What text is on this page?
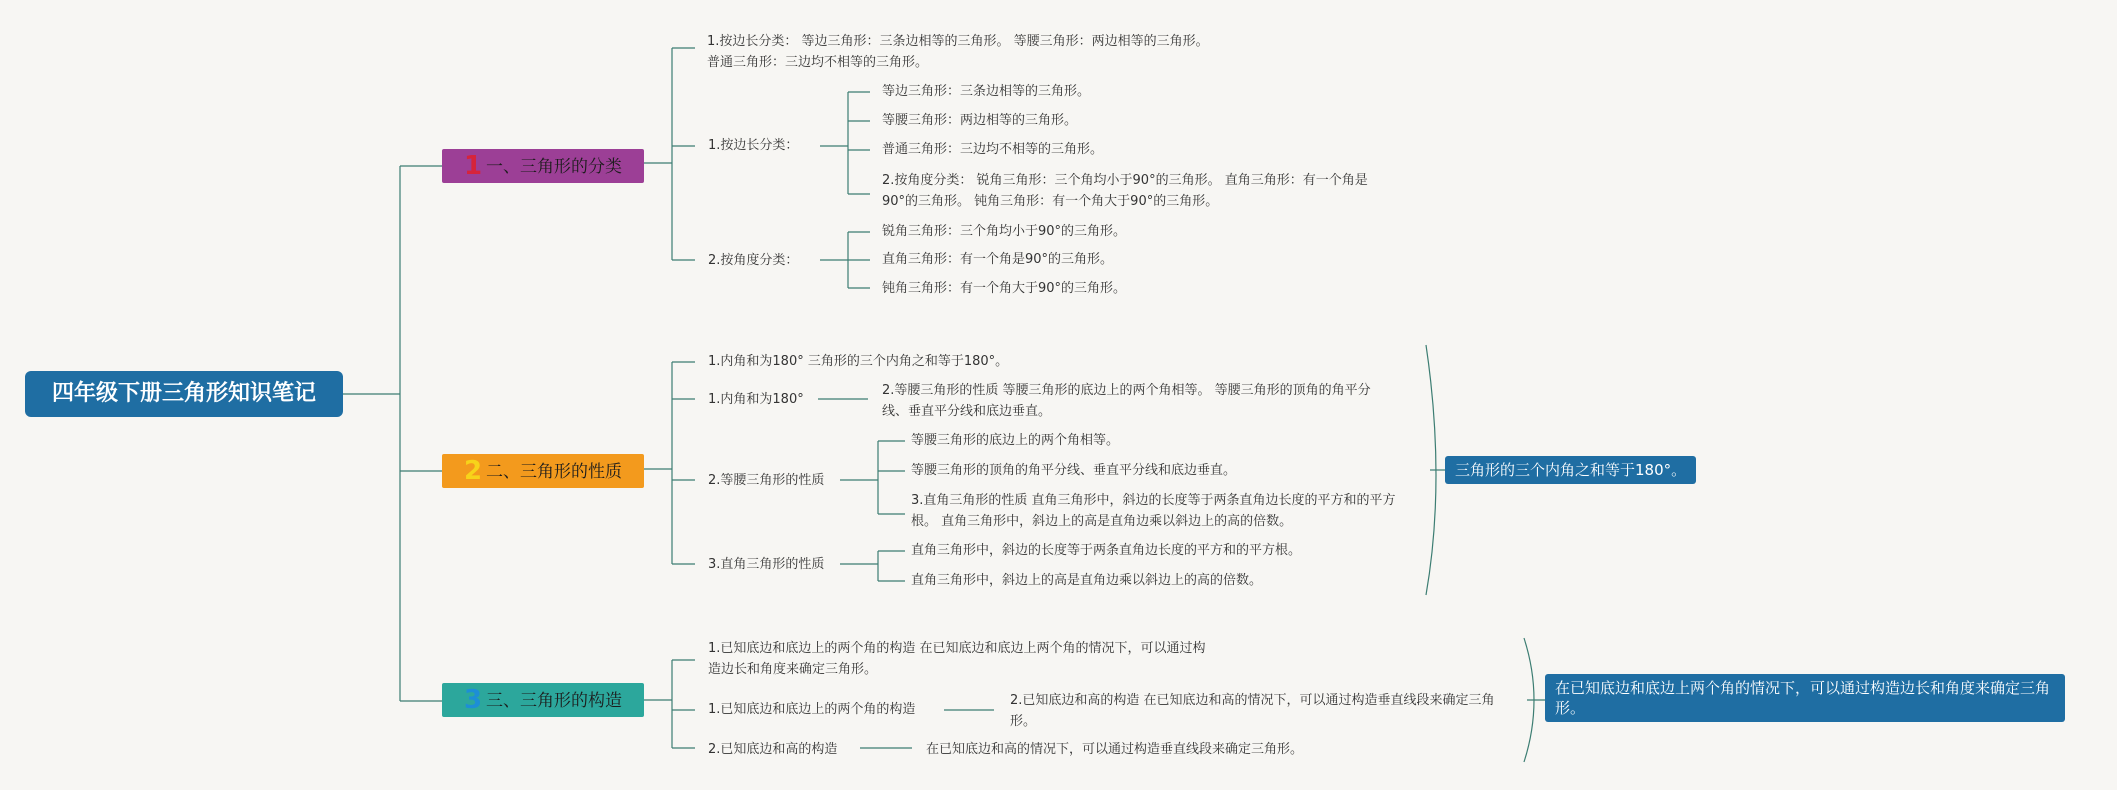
四年级下册三角形知识笔记
1 一、三角形的分类
1.按边长分类： 等边三角形：三条边相等的三角形。 等腰三角形：两边相等的三角形。 普通三角形：三边均不相等的三角形。
1.按边长分类：
等边三角形：三条边相等的三角形。
等腰三角形：两边相等的三角形。
普通三角形：三边均不相等的三角形。
2.按角度分类： 锐角三角形：三个角均小于90°的三角形。 直角三角形：有一个角是90°的三角形。 钝角三角形：有一个角大于90°的三角形。
2.按角度分类：
锐角三角形：三个角均小于90°的三角形。
直角三角形：有一个角是90°的三角形。
钝角三角形：有一个角大于90°的三角形。
2 二、三角形的性质
1.内角和为180° 三角形的三个内角之和等于180°。
1.内角和为180°
2.等腰三角形的性质 等腰三角形的底边上的两个角相等。 等腰三角形的顶角的角平分线、垂直平分线和底边垂直。
2.等腰三角形的性质
等腰三角形的底边上的两个角相等。
等腰三角形的顶角的角平分线、垂直平分线和底边垂直。
3.直角三角形的性质 直角三角形中，斜边的长度等于两条直角边长度的平方和的平方根。 直角三角形中，斜边上的高是直角边乘以斜边上的高的倍数。
3.直角三角形的性质
直角三角形中，斜边的长度等于两条直角边长度的平方和的平方根。
直角三角形中，斜边上的高是直角边乘以斜边上的高的倍数。
三角形的三个内角之和等于180°。
3 三、三角形的构造
1.已知底边和底边上的两个角的构造 在已知底边和底边上两个角的情况下，可以通过构造边长和角度来确定三角形。
1.已知底边和底边上的两个角的构造
2.已知底边和高的构造 在已知底边和高的情况下，可以通过构造垂直线段来确定三角形。
2.已知底边和高的构造	在已知底边和高的情况下，可以通过构造垂直线段来确定三角形。
在已知底边和底边上两个角的情况下，可以通过构造边长和角度来确定三角形。
